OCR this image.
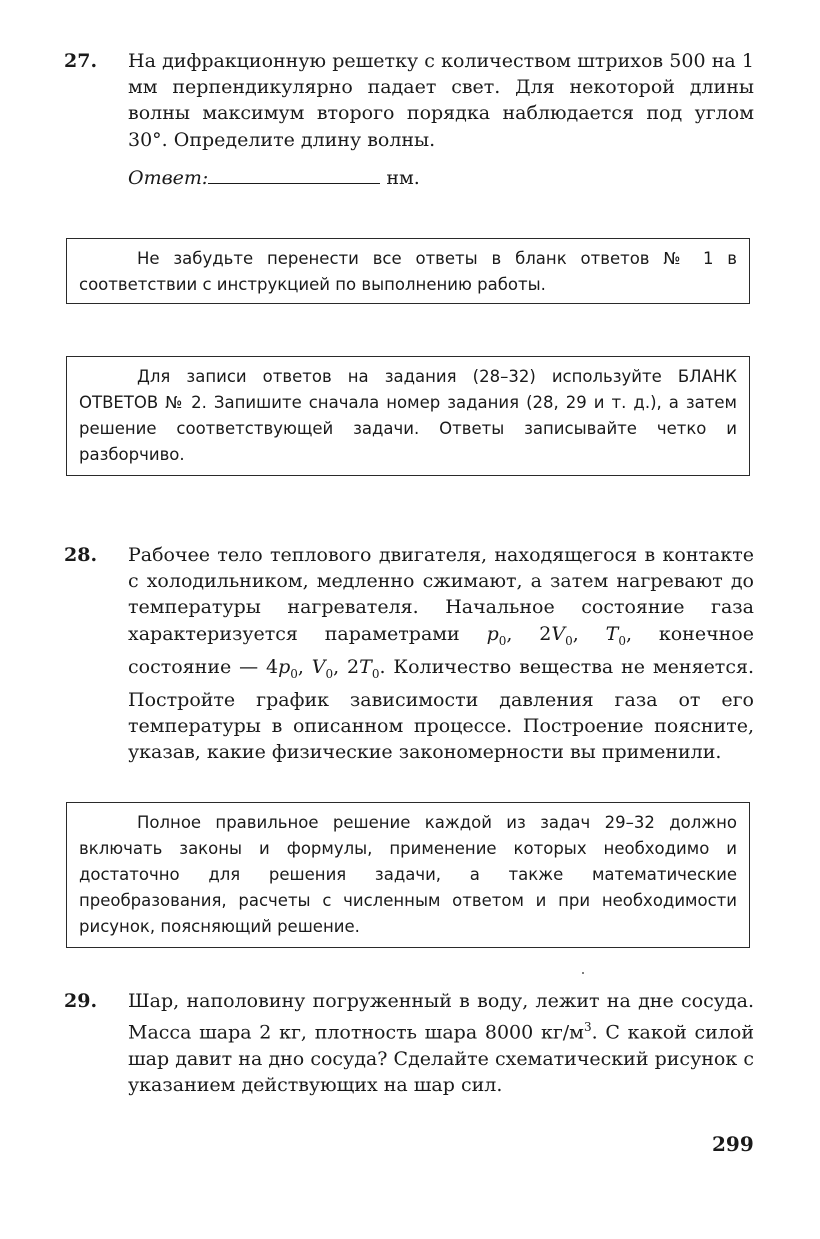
27. На дифракционную решетку с количеством штрихов 500 на 1 мм перпендикулярно падает свет. Для некоторой длины волны максимум второго порядка наблюдается под углом 30°. Определите длину волны.
Ответ:	нм.

Не забудьте перенести все ответы в бланк ответов № 1 в соответствии с инструкцией по выполнению работы.

Для записи ответов на задания (28–32) используйте БЛАНК ОТВЕТОВ № 2. Запишите сначала номер задания (28, 29 и т. д.), а затем решение соответствующей задачи. Ответы записывайте четко и разборчиво.

28. Рабочее тело теплового двигателя, находящегося в контакте с холодильником, медленно сжимают, а затем нагревают до температуры нагревателя. Начальное состояние газа характеризуется параметрами $p_0$, $2V_0$, $T_0$, конечное состояние — $4p_0$, $V_0$, $2T_0$. Количество вещества не меняется. Постройте график зависимости давления газа от его температуры в описанном процессе. Построение поясните, указав, какие физические закономерности вы применили.

Полное правильное решение каждой из задач 29–32 должно включать законы и формулы, применение которых необходимо и достаточно для решения задачи, а также математические преобразования, расчеты с численным ответом и при необходимости рисунок, поясняющий решение.

29. Шар, наполовину погруженный в воду, лежит на дне сосуда. Масса шара 2 кг, плотность шара 8000 $кг/м^3$. С какой силой шар давит на дно сосуда? Сделайте схематический рисунок с указанием действующих на шар сил.
299
